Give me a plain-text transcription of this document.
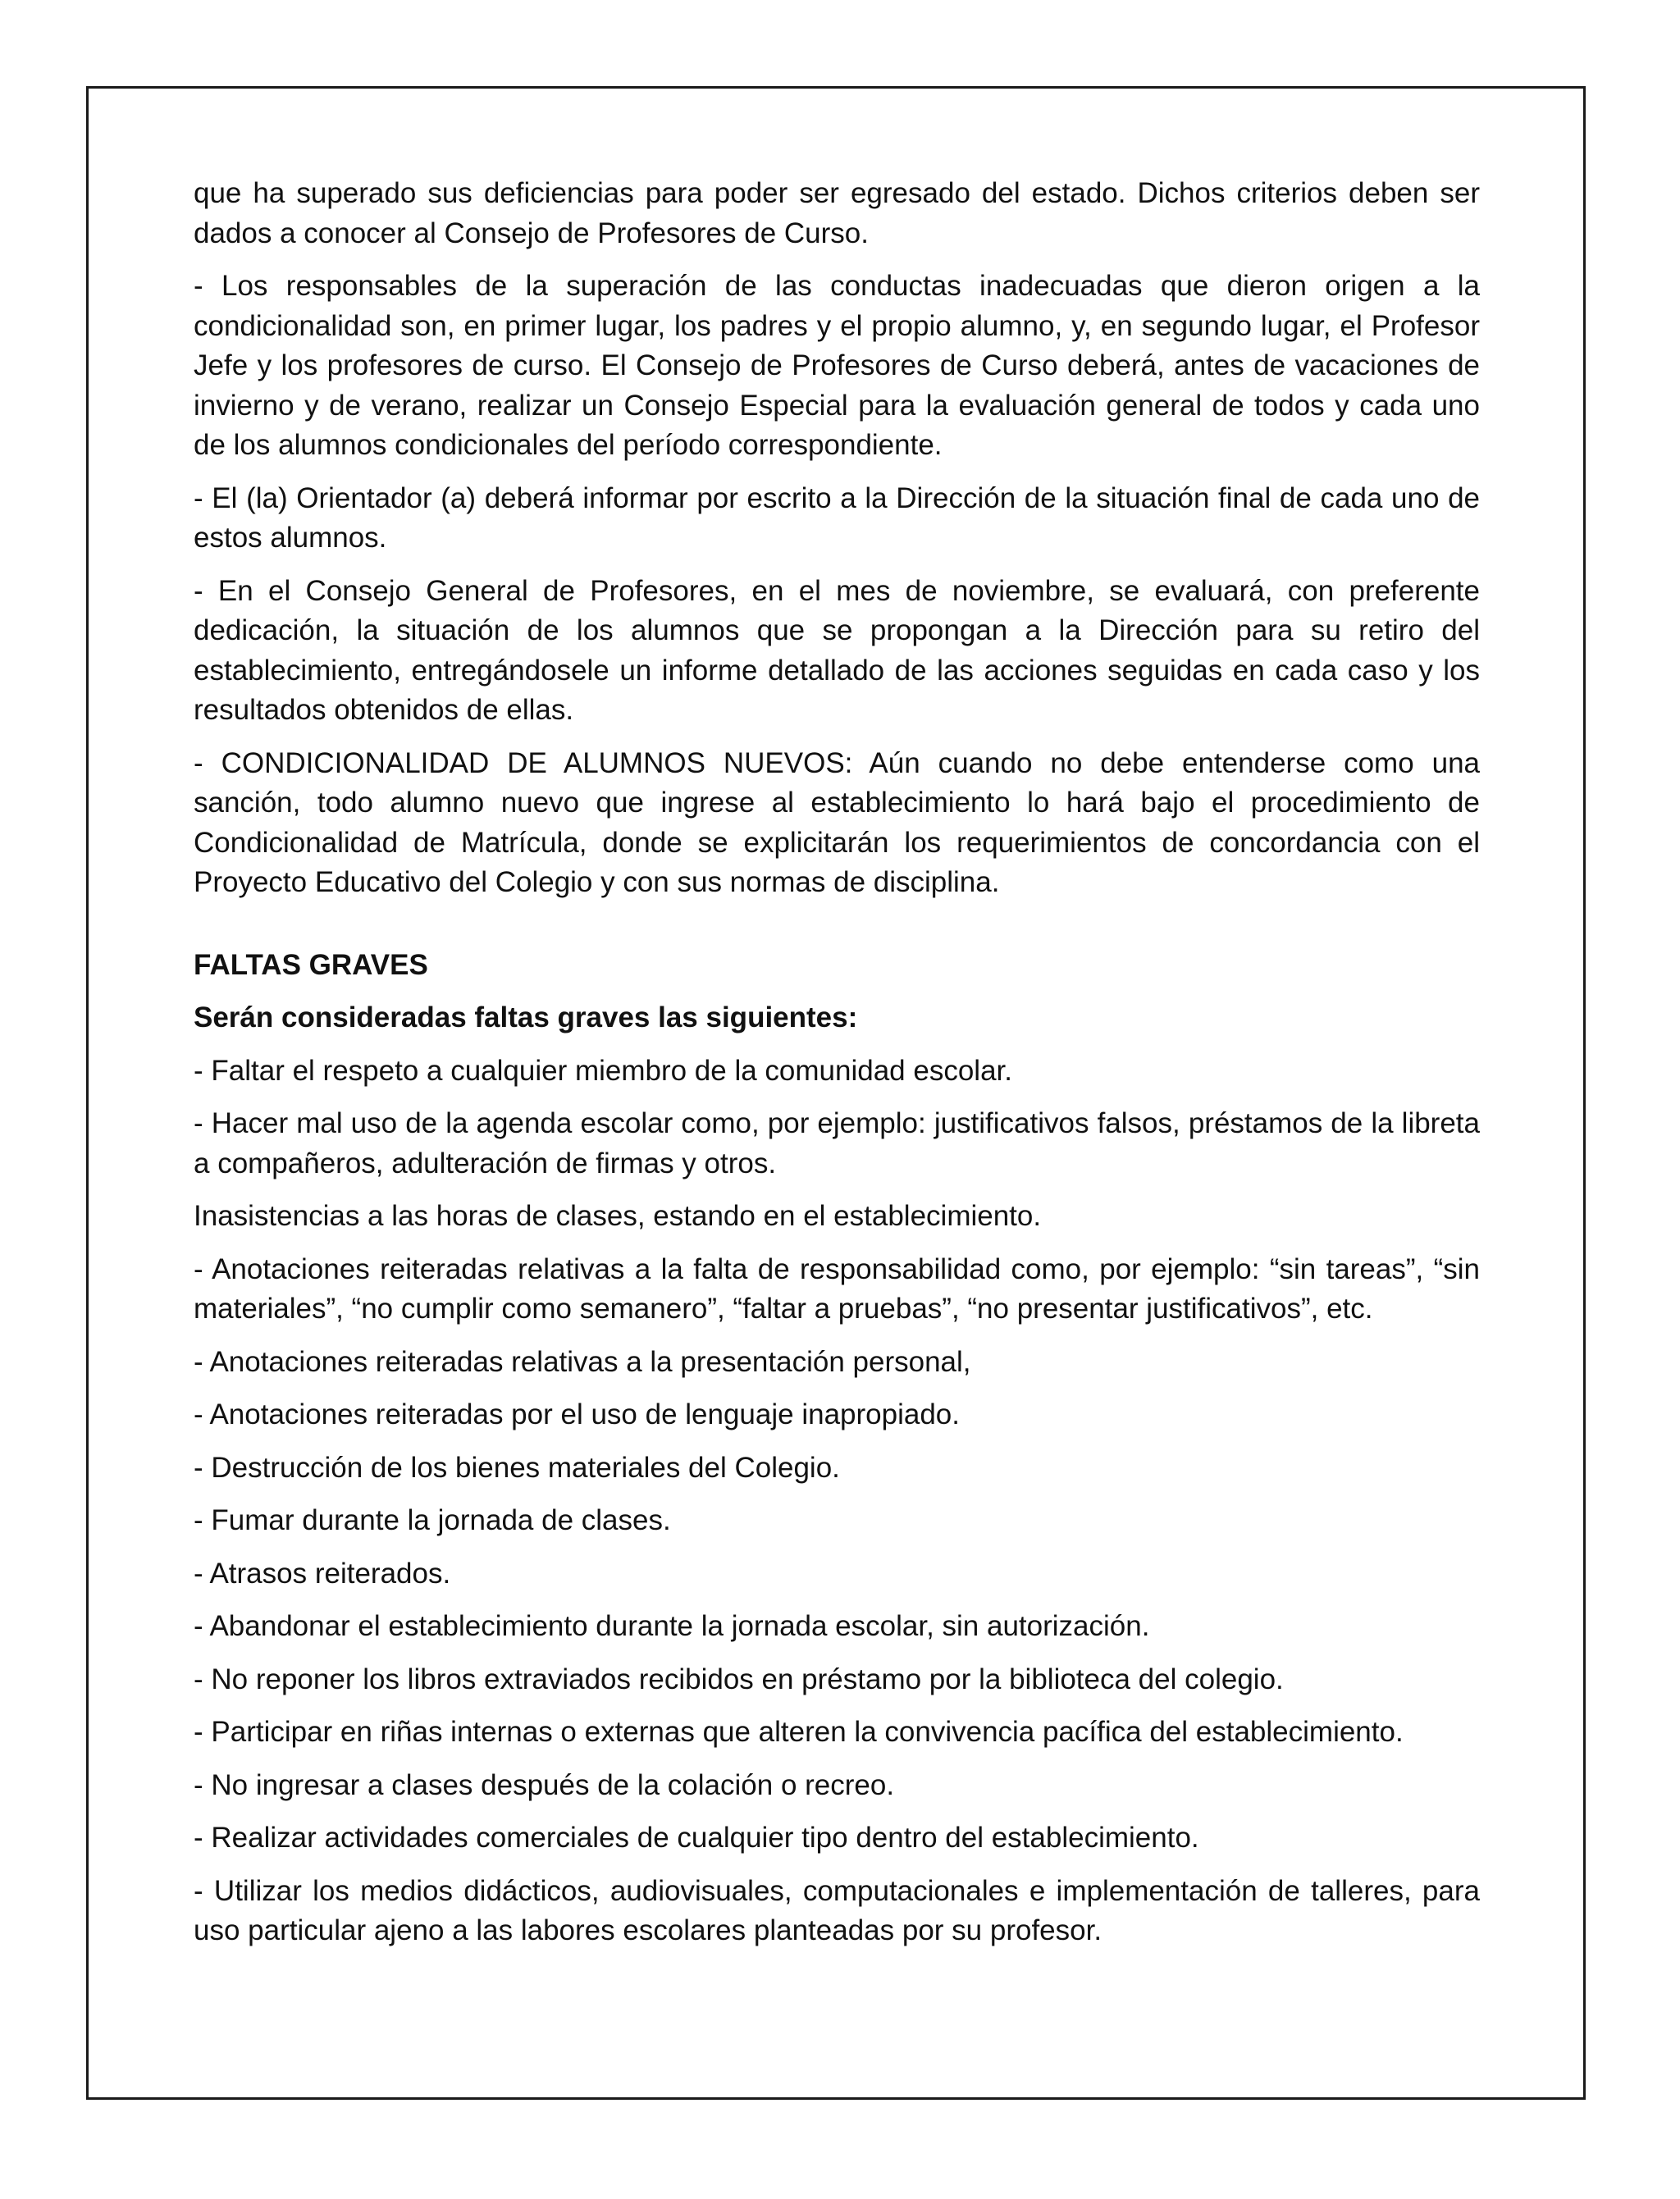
que ha superado sus deficiencias para poder ser egresado del estado. Dichos criterios deben ser dados a conocer al Consejo de Profesores de Curso.

- Los responsables de la superación de las conductas inadecuadas que dieron origen a la condicionalidad son, en primer lugar, los padres y el propio alumno, y, en segundo lugar, el Profesor Jefe y los profesores de curso. El Consejo de Profesores de Curso deberá, antes de vacaciones de invierno y de verano, realizar un Consejo Especial para la evaluación general de todos y cada uno de los alumnos condicionales del período correspondiente.

- El (la) Orientador (a) deberá informar por escrito a la Dirección de la situación final de cada uno de estos alumnos.

- En el Consejo General de Profesores, en el mes de noviembre, se evaluará, con preferente dedicación, la situación de los alumnos que se propongan a la Dirección para su retiro del establecimiento, entregándosele un informe detallado de las acciones seguidas en cada caso y los resultados obtenidos de ellas.

- CONDICIONALIDAD DE ALUMNOS NUEVOS: Aún cuando no debe entenderse como una sanción, todo alumno nuevo que ingrese al establecimiento lo hará bajo el procedimiento de Condicionalidad de Matrícula, donde se explicitarán los requerimientos de concordancia con el Proyecto Educativo del Colegio y con sus normas de disciplina.

FALTAS GRAVES

Serán consideradas faltas graves las siguientes:

- Faltar el respeto a cualquier miembro de la comunidad escolar.

- Hacer mal uso de la agenda escolar como, por ejemplo: justificativos falsos, préstamos de la libreta a compañeros, adulteración de firmas y otros.

Inasistencias a las horas de clases, estando en el establecimiento.

- Anotaciones reiteradas relativas a la falta de responsabilidad como, por ejemplo: “sin tareas”, “sin materiales”, “no cumplir como semanero”, “faltar a pruebas”, “no presentar justificativos”, etc.

- Anotaciones reiteradas relativas a la presentación personal,

- Anotaciones reiteradas por el uso de lenguaje inapropiado.

- Destrucción de los bienes materiales del Colegio.

- Fumar durante la jornada de clases.

- Atrasos reiterados.

- Abandonar el establecimiento durante la jornada escolar, sin autorización.

- No reponer los libros extraviados recibidos en préstamo por la biblioteca del colegio.

- Participar en riñas internas o externas que alteren la convivencia pacífica del establecimiento.

- No ingresar a clases después de la colación o recreo.

- Realizar actividades comerciales de cualquier tipo dentro del establecimiento.

- Utilizar los medios didácticos, audiovisuales, computacionales e implementación de talleres, para uso particular ajeno a las labores escolares planteadas por su profesor.
